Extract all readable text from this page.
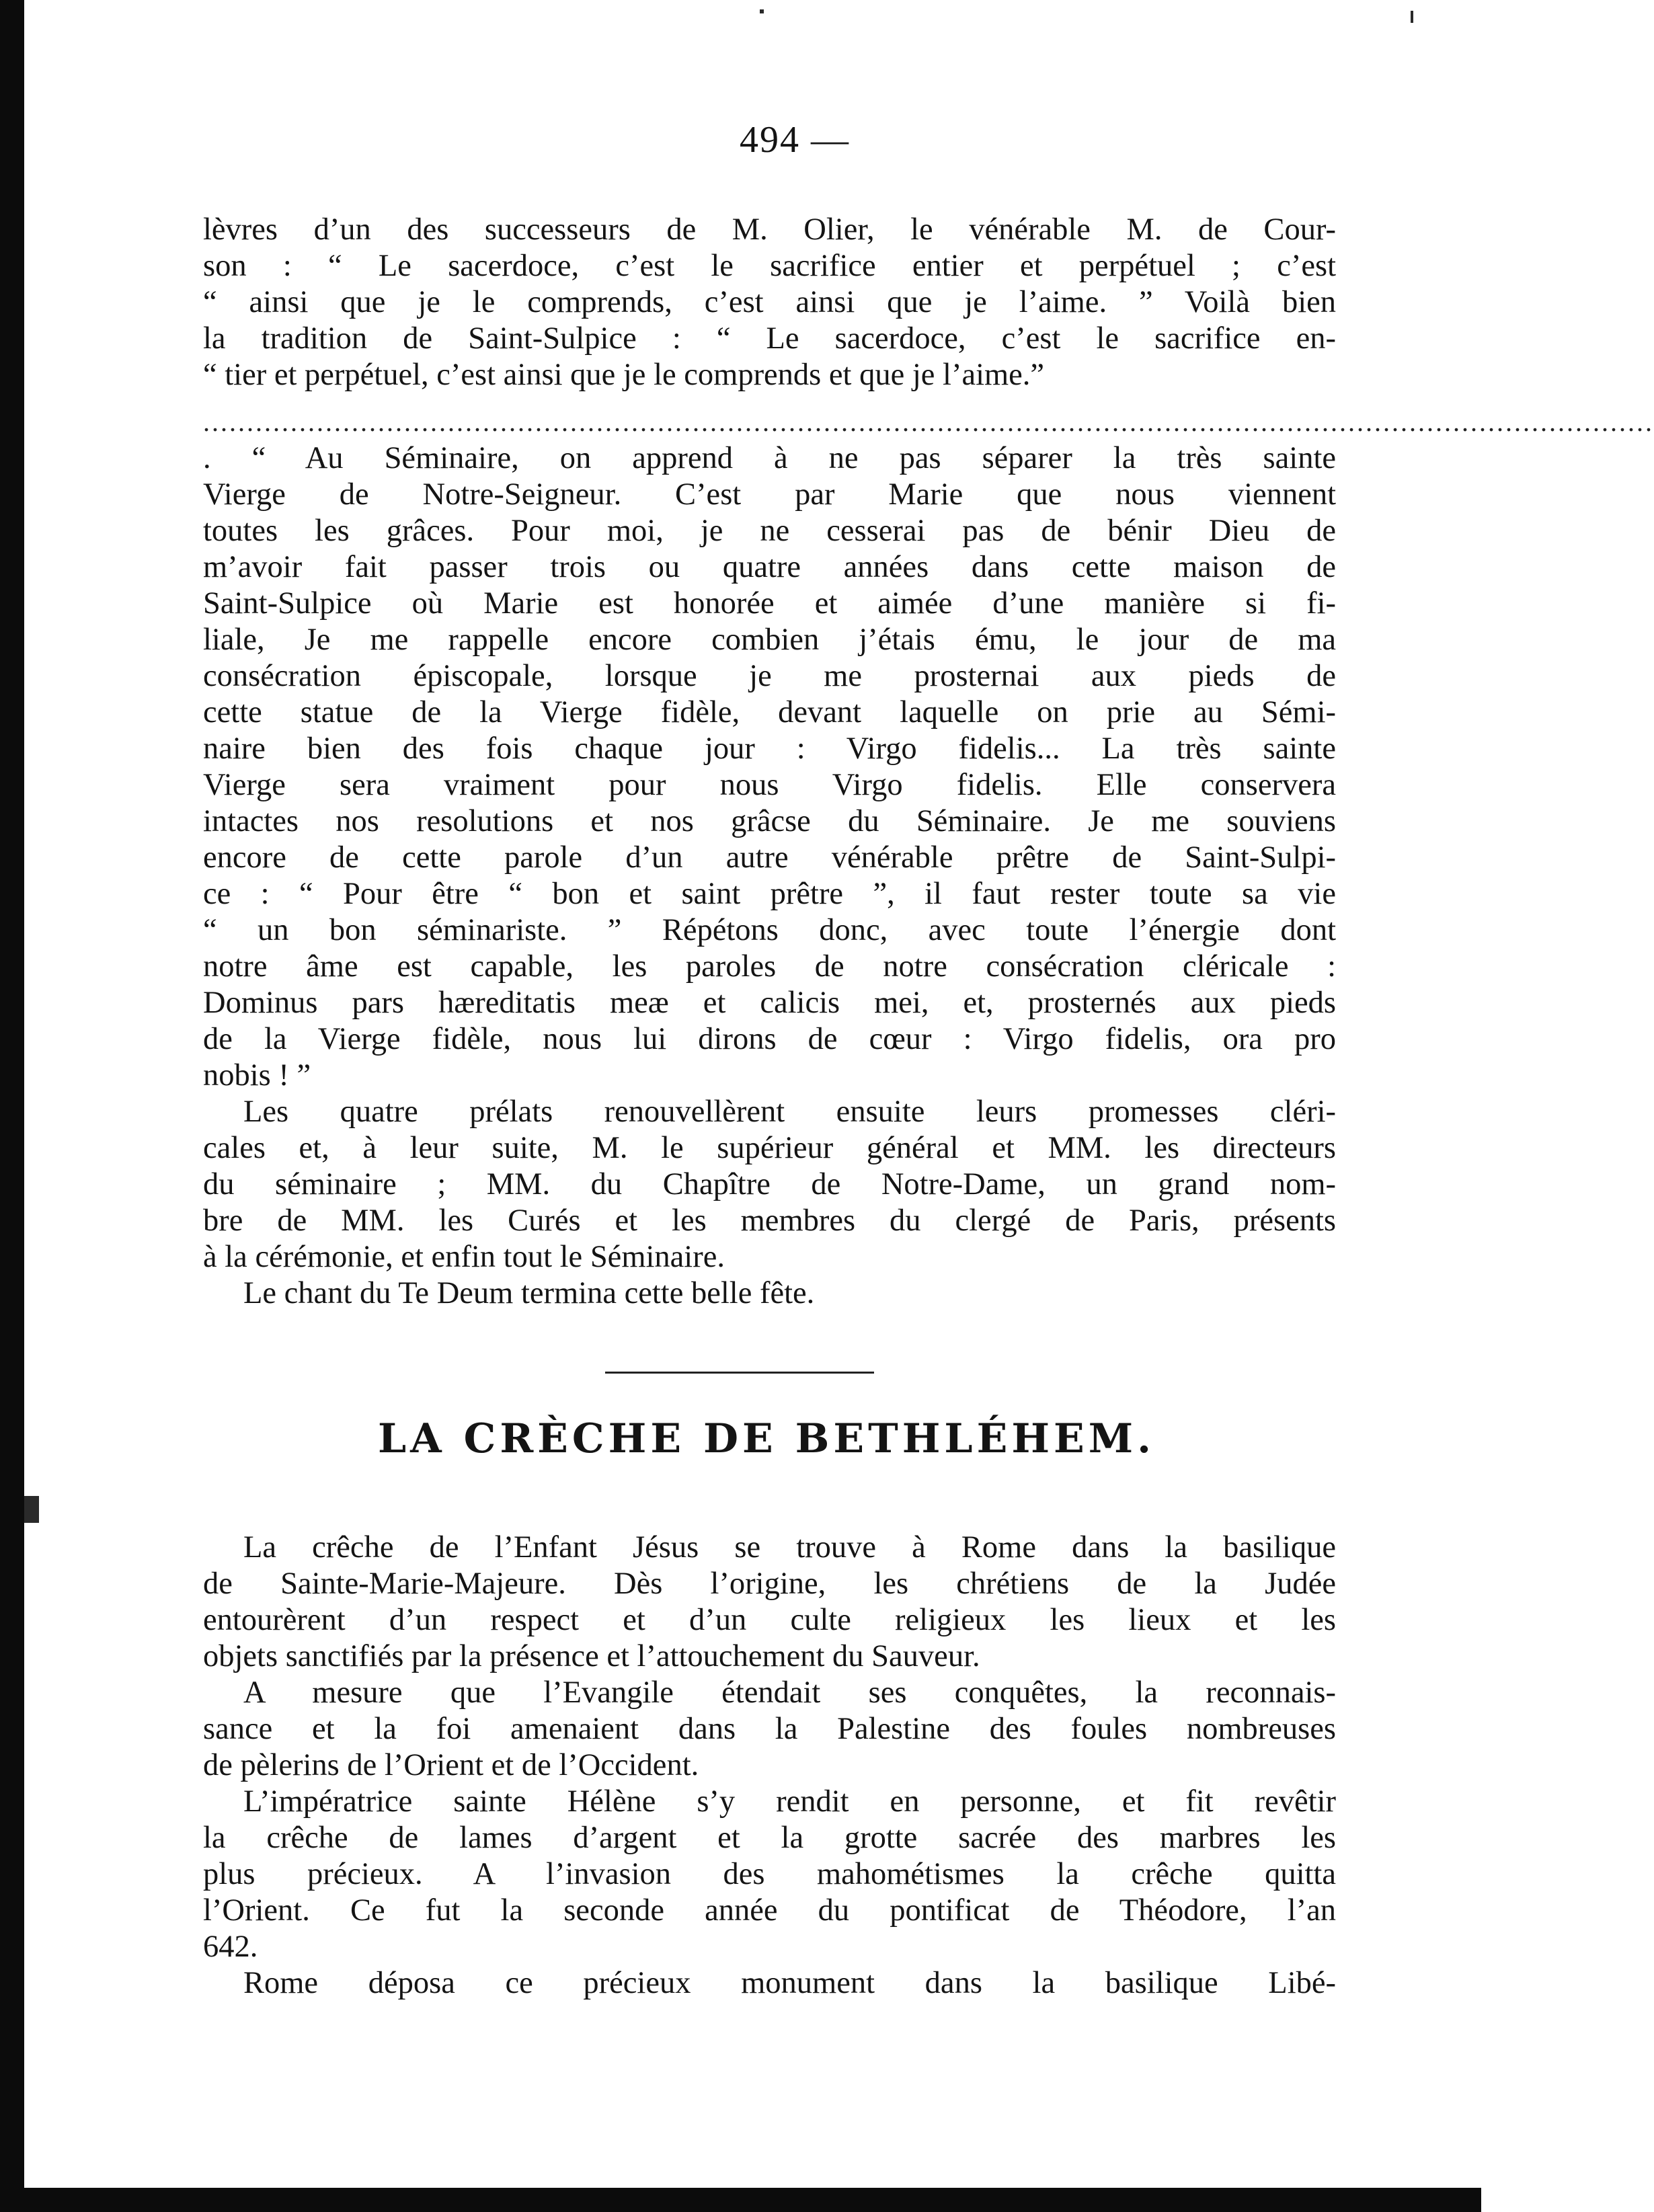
494 —
lèvres d’un des successeurs de M. Olier, le vénérable M. de Cour-
son : “ Le sacerdoce, c’est le sacrifice entier et perpétuel ; c’est
“ ainsi que je le comprends, c’est ainsi que je l’aime. ” Voilà bien
la tradition de Saint-Sulpice : “ Le sacerdoce, c’est le sacrifice en-
“ tier et perpétuel, c’est ainsi que je le comprends et que je l’aime.”
......................................................................................................................................................................
. “ Au Séminaire, on apprend à ne pas séparer la très sainte
Vierge de Notre-Seigneur. C’est par Marie que nous viennent
toutes les grâces. Pour moi, je ne cesserai pas de bénir Dieu de
m’avoir fait passer trois ou quatre années dans cette maison de
Saint-Sulpice où Marie est honorée et aimée d’une manière si fi-
liale, Je me rappelle encore combien j’étais ému, le jour de ma
consécration épiscopale, lorsque je me prosternai aux pieds de
cette statue de la Vierge fidèle, devant laquelle on prie au Sémi-
naire bien des fois chaque jour : Virgo fidelis... La très sainte
Vierge sera vraiment pour nous Virgo fidelis. Elle conservera
intactes nos resolutions et nos grâcse du Séminaire. Je me souviens
encore de cette parole d’un autre vénérable prêtre de Saint-Sulpi-
ce : “ Pour être “ bon et saint prêtre ”, il faut rester toute sa vie
“ un bon séminariste. ” Répétons donc, avec toute l’énergie dont
notre âme est capable, les paroles de notre consécration cléricale :
Dominus pars hæreditatis meæ et calicis mei, et, prosternés aux pieds
de la Vierge fidèle, nous lui dirons de cœur : Virgo fidelis, ora pro
nobis ! ”
Les quatre prélats renouvellèrent ensuite leurs promesses cléri-
cales et, à leur suite, M. le supérieur général et MM. les directeurs
du séminaire ; MM. du Chapître de Notre-Dame, un grand nom-
bre de MM. les Curés et les membres du clergé de Paris, présents
à la cérémonie, et enfin tout le Séminaire.
Le chant du Te Deum termina cette belle fête.
LA CRÈCHE DE BETHLÉHEM.
La crêche de l’Enfant Jésus se trouve à Rome dans la basilique
de Sainte-Marie-Majeure. Dès l’origine, les chrétiens de la Judée
entourèrent d’un respect et d’un culte religieux les lieux et les
objets sanctifiés par la présence et l’attouchement du Sauveur.
A mesure que l’Evangile étendait ses conquêtes, la reconnais-
sance et la foi amenaient dans la Palestine des foules nombreuses
de pèlerins de l’Orient et de l’Occident.
L’impératrice sainte Hélène s’y rendit en personne, et fit revêtir
la crêche de lames d’argent et la grotte sacrée des marbres les
plus précieux. A l’invasion des mahométismes la crêche quitta
l’Orient. Ce fut la seconde année du pontificat de Théodore, l’an
642.
Rome déposa ce précieux monument dans la basilique Libé-
